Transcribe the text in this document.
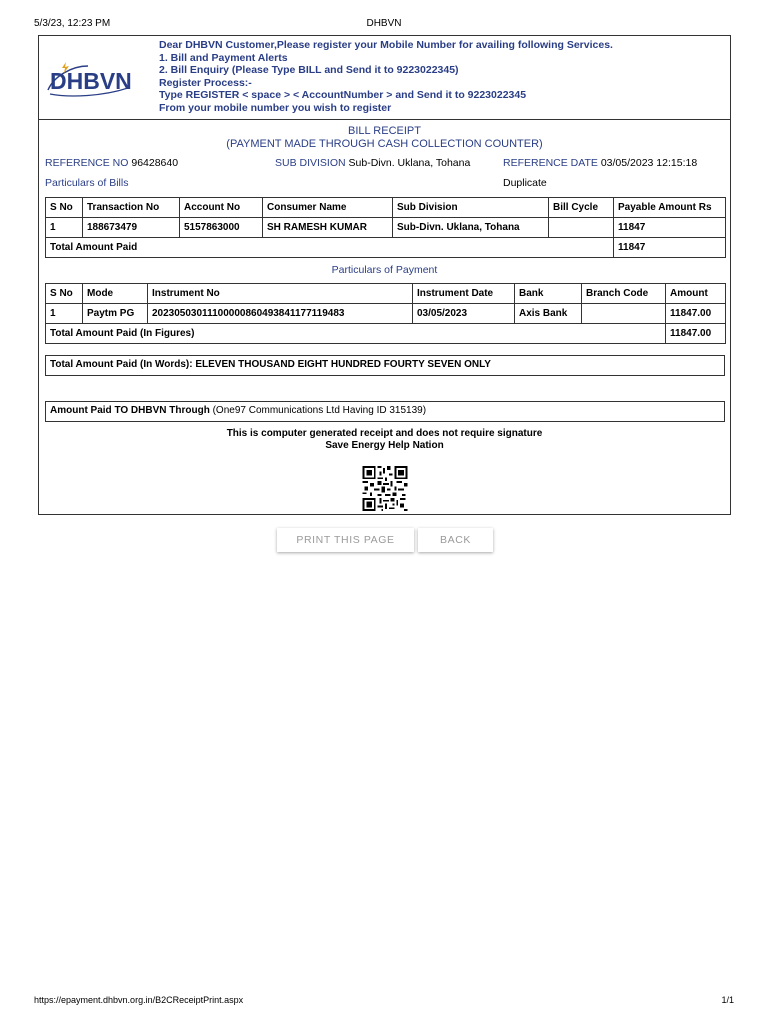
5/3/23, 12:23 PM	DHBVN
DHBVN
Dear DHBVN Customer,Please register your Mobile Number for availing following Services.
1. Bill and Payment Alerts
2. Bill Enquiry (Please Type BILL and Send it to 9223022345)
Register Process:-
Type REGISTER < space > < AccountNumber > and Send it to 9223022345
From your mobile number you wish to register
BILL RECEIPT
(PAYMENT MADE THROUGH CASH COLLECTION COUNTER)
REFERENCE NO 96428640	SUB DIVISION Sub-Divn. Uklana, Tohana	REFERENCE DATE 03/05/2023 12:15:18
Particulars of Bills	Duplicate
S No	Transaction No	Account No	Consumer Name	Sub Division	Bill Cycle	Payable Amount Rs
1	188673479	5157863000	SH RAMESH KUMAR	Sub-Divn. Uklana, Tohana		11847
Total Amount Paid						11847
Particulars of Payment
S No	Mode	Instrument No	Instrument Date	Bank	Branch Code	Amount
1	Paytm PG	20230503011100000860493841177119483	03/05/2023	Axis Bank		11847.00
Total Amount Paid (In Figures)						11847.00
Total Amount Paid (In Words): ELEVEN THOUSAND EIGHT HUNDRED FOURTY SEVEN ONLY
Amount Paid TO DHBVN Through (One97 Communications Ltd Having ID 315139)
This is computer generated receipt and does not require signature
Save Energy Help Nation
PRINT THIS PAGE	BACK
https://epayment.dhbvn.org.in/B2CReceiptPrint.aspx	1/1
